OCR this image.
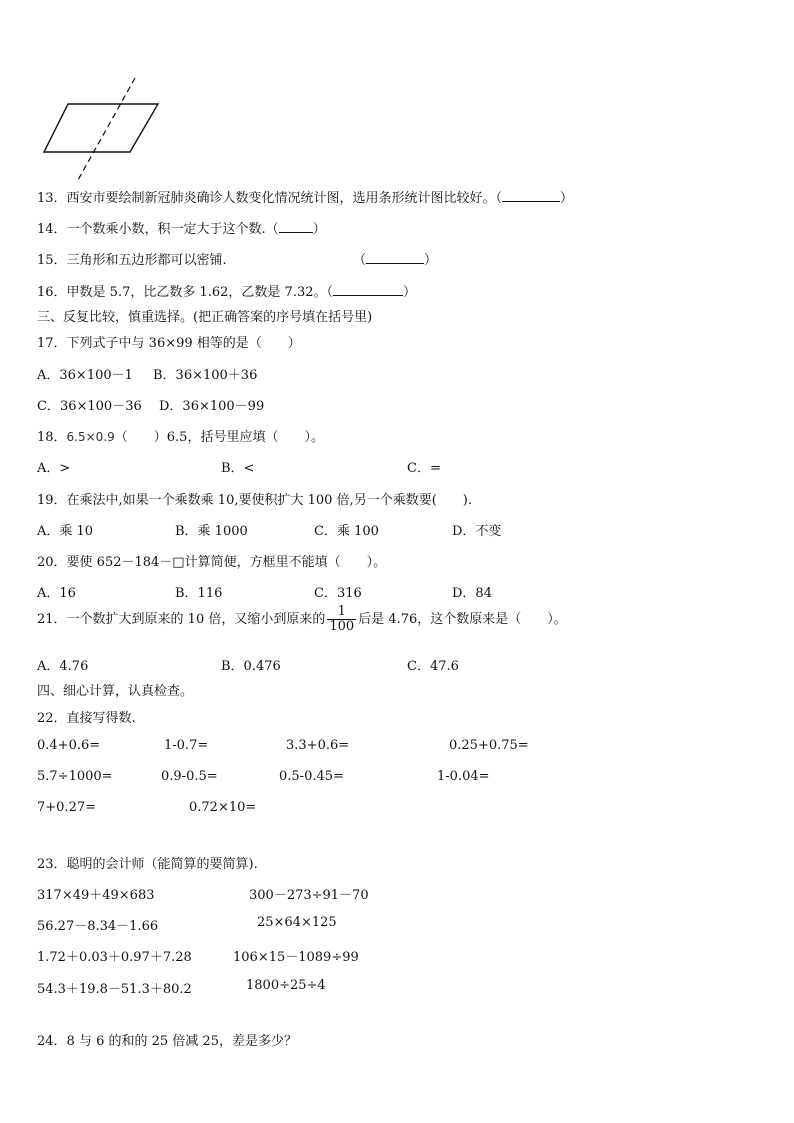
13．西安市要绘制新冠肺炎确诊人数变化情况统计图，选用条形统计图比较好。（	）
14．一个数乘小数，积一定大于这个数.（	）
15．三角形和五边形都可以密铺.	（	）
16．甲数是 5.7，比乙数多 1.62，乙数是 7.32。（	）
三、反复比较，慎重选择。(把正确答案的序号填在括号里)
17．下列式子中与 36×99 相等的是（　　）
A．36×100－1 B．36×100＋36
C．36×100－36 D．36×100－99
18．6.5×0.9（　　）6.5，括号里应填（　　）。
A．>	B．<	C．=
19．在乘法中,如果一个乘数乘 10,要使积扩大 100 倍,另一个乘数要(　　).
A．乘 10	B．乘 1000	C．乘 100	D．不变
20．要使 652－184－□计算简便，方框里不能填（　　）。
A．16	B．116	C．316	D．84
21．一个数扩大到原来的 10 倍，又缩小到原来的 $\frac{1}{100}$ 后是 4.76，这个数原来是（　　）。
A．4.76	B．0.476	C．47.6
四、细心计算，认真检查。
22．直接写得数.
0.4+0.6=	1-0.7=	3.3+0.6=	0.25+0.75=
5.7÷1000=	0.9-0.5=	0.5-0.45=	1-0.04=
7+0.27=	0.72×10=
23．聪明的会计师（能简算的要简算).
317×49＋49×683	300－273÷91－70
56.27－8.34－1.66	25×64×125
1.72＋0.03＋0.97＋7.28	106×15－1089÷99
54.3＋19.8－51.3＋80.2	1800÷25÷4
24．8 与 6 的和的 25 倍减 25，差是多少？
